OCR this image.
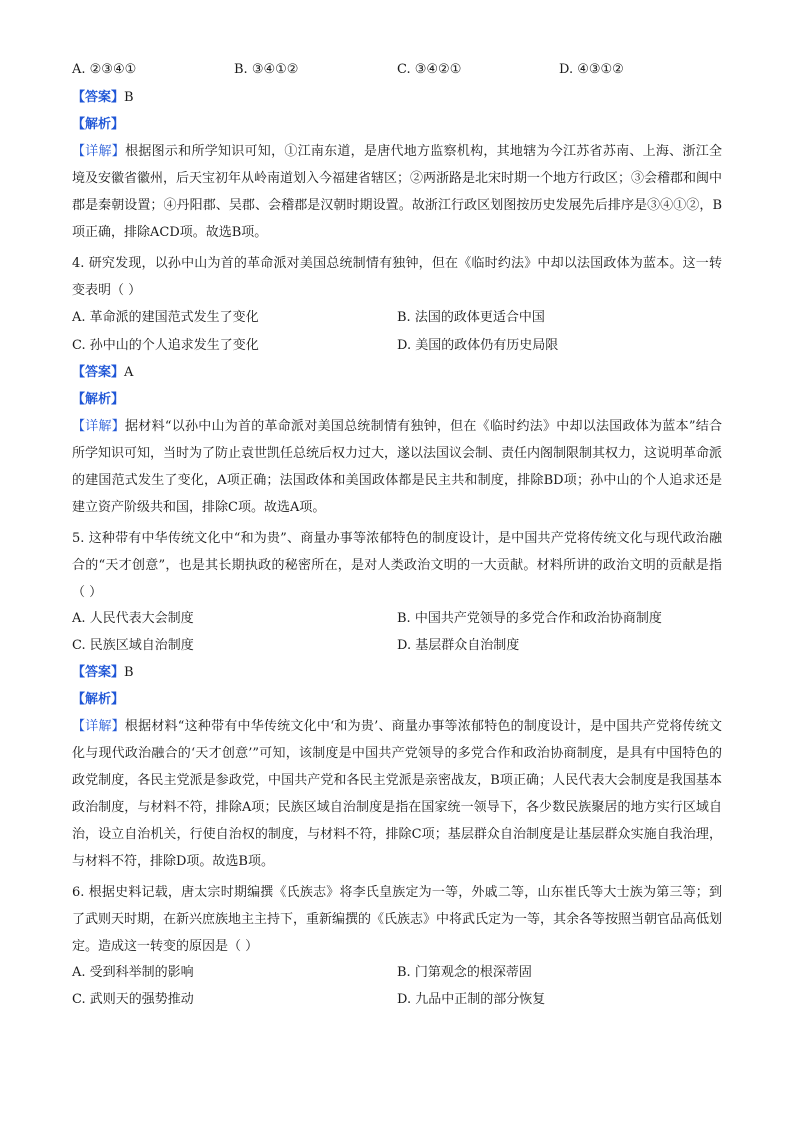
A. ②③④①	B. ③④①②	C. ③④②①	D. ④③①②
【答案】B
【解析】
【详解】根据图示和所学知识可知，①江南东道，是唐代地方监察机构，其地辖为今江苏省苏南、上海、浙江全境及安徽省徽州，后天宝初年从岭南道划入今福建省辖区；②两浙路是北宋时期一个地方行政区；③会稽郡和闽中郡是秦朝设置；④丹阳郡、吴郡、会稽郡是汉朝时期设置。故浙江行政区划图按历史发展先后排序是③④①②，B项正确，排除ACD项。故选B项。
4. 研究发现，以孙中山为首的革命派对美国总统制情有独钟，但在《临时约法》中却以法国政体为蓝本。这一转变表明（ ）
A. 革命派的建国范式发生了变化	B. 法国的政体更适合中国
C. 孙中山的个人追求发生了变化	D. 美国的政体仍有历史局限
【答案】A
【解析】
【详解】据材料“以孙中山为首的革命派对美国总统制情有独钟，但在《临时约法》中却以法国政体为蓝本”结合所学知识可知，当时为了防止袁世凯任总统后权力过大，遂以法国议会制、责任内阁制限制其权力，这说明革命派的建国范式发生了变化，A项正确；法国政体和美国政体都是民主共和制度，排除BD项；孙中山的个人追求还是建立资产阶级共和国，排除C项。故选A项。
5. 这种带有中华传统文化中“和为贵”、商量办事等浓郁特色的制度设计，是中国共产党将传统文化与现代政治融合的“天才创意”，也是其长期执政的秘密所在，是对人类政治文明的一大贡献。材料所讲的政治文明的贡献是指（ ）
A. 人民代表大会制度	B. 中国共产党领导的多党合作和政治协商制度
C. 民族区域自治制度	D. 基层群众自治制度
【答案】B
【解析】
【详解】根据材料“这种带有中华传统文化中‘和为贵’、商量办事等浓郁特色的制度设计，是中国共产党将传统文化与现代政治融合的‘天才创意’”可知，该制度是中国共产党领导的多党合作和政治协商制度，是具有中国特色的政党制度，各民主党派是参政党，中国共产党和各民主党派是亲密战友，B项正确；人民代表大会制度是我国基本政治制度，与材料不符，排除A项；民族区域自治制度是指在国家统一领导下，各少数民族聚居的地方实行区域自治，设立自治机关，行使自治权的制度，与材料不符，排除C项；基层群众自治制度是让基层群众实施自我治理，与材料不符，排除D项。故选B项。
6. 根据史料记载，唐太宗时期编撰《氏族志》将李氏皇族定为一等，外戚二等，山东崔氏等大士族为第三等；到了武则天时期，在新兴庶族地主主持下，重新编撰的《氏族志》中将武氏定为一等，其余各等按照当朝官品高低划定。造成这一转变的原因是（ ）
A. 受到科举制的影响	B. 门第观念的根深蒂固
C. 武则天的强势推动	D. 九品中正制的部分恢复
